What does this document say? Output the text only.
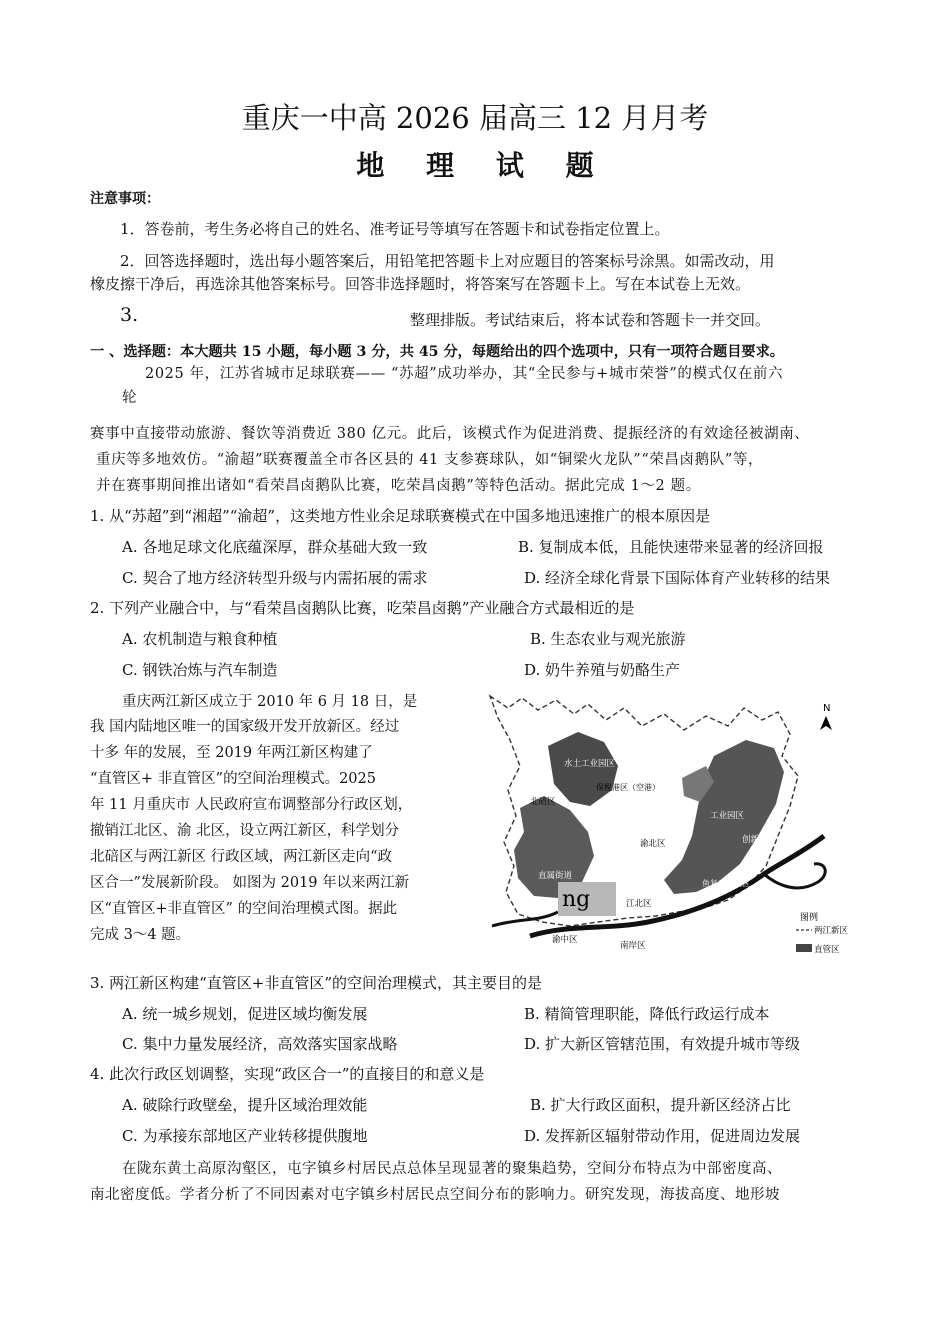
重庆一中高 2026 届高三 12 月月考
地 理 试 题
注意事项：
1．答卷前，考生务必将自己的姓名、准考证号等填写在答题卡和试卷指定位置上。
2．回答选择题时，选出每小题答案后，用铅笔把答题卡上对应题目的答案标号涂黑。如需改动，用
橡皮擦干净后，再选涂其他答案标号。回答非选择题时，将答案写在答题卡上。写在本试卷上无效。
3.	整理排版。考试结束后，将本试卷和答题卡一并交回。
一 、选择题：本大题共 15 小题，每小题 3 分，共 45 分，每题给出的四个选项中，只有一项符合题目要求。
2025 年，江苏省城市足球联赛—— “苏超”成功举办，其“全民参与+城市荣誉”的模式仅在前六
轮
赛事中直接带动旅游、餐饮等消费近 380 亿元。此后，该模式作为促进消费、提振经济的有效途径被湖南、
重庆等多地效仿。“渝超”联赛覆盖全市各区县的 41 支参赛球队，如“铜梁火龙队”“荣昌卤鹅队”等，
并在赛事期间推出诸如“看荣昌卤鹅队比赛，吃荣昌卤鹅”等特色活动。据此完成 1～2 题。
1. 从“苏超”到“湘超”“渝超”，这类地方性业余足球联赛模式在中国多地迅速推广的根本原因是
A. 各地足球文化底蕴深厚，群众基础大致一致	B. 复制成本低，且能快速带来显著的经济回报
C. 契合了地方经济转型升级与内需拓展的需求	D. 经济全球化背景下国际体育产业转移的结果
2. 下列产业融合中，与“看荣昌卤鹅队比赛，吃荣昌卤鹅”产业融合方式最相近的是
A. 农机制造与粮食种植	B. 生态农业与观光旅游
C. 钢铁冶炼与汽车制造	D. 奶牛养殖与奶酪生产
重庆两江新区成立于 2010 年 6 月 18 日，是
我 国内陆地区唯一的国家级开发开放新区。经过
十多 年的发展，至 2019 年两江新区构建了
“直管区+ 非直管区”的空间治理模式。2025
年 11 月重庆市 人民政府宣布调整部分行政区划，
撤销江北区、渝 北区，设立两江新区，科学划分
北碚区与两江新区 行政区域，两江新区走向“政
区合一”发展新阶段。 如图为 2019 年以来两江新
区“直管区+非直管区” 的空间治理模式图。据此
完成 3～4 题。
N
水土工业园区
保税港区（空港）
北碚区
工业园区
创新区
渝北区
直属街道
江北区
鱼复工业园区
渝中区
南岸区
ng
图例
两江新区
直管区
3. 两江新区构建“直管区+非直管区”的空间治理模式，其主要目的是
A. 统一城乡规划，促进区域均衡发展	B. 精简管理职能，降低行政运行成本
C. 集中力量发展经济，高效落实国家战略	D. 扩大新区管辖范围，有效提升城市等级
4. 此次行政区划调整，实现“政区合一”的直接目的和意义是
A. 破除行政壁垒，提升区域治理效能	B. 扩大行政区面积，提升新区经济占比
C. 为承接东部地区产业转移提供腹地	D. 发挥新区辐射带动作用，促进周边发展
在陇东黄土高原沟壑区，屯字镇乡村居民点总体呈现显著的聚集趋势，空间分布特点为中部密度高、
南北密度低。学者分析了不同因素对屯字镇乡村居民点空间分布的影响力。研究发现，海拔高度、地形坡
